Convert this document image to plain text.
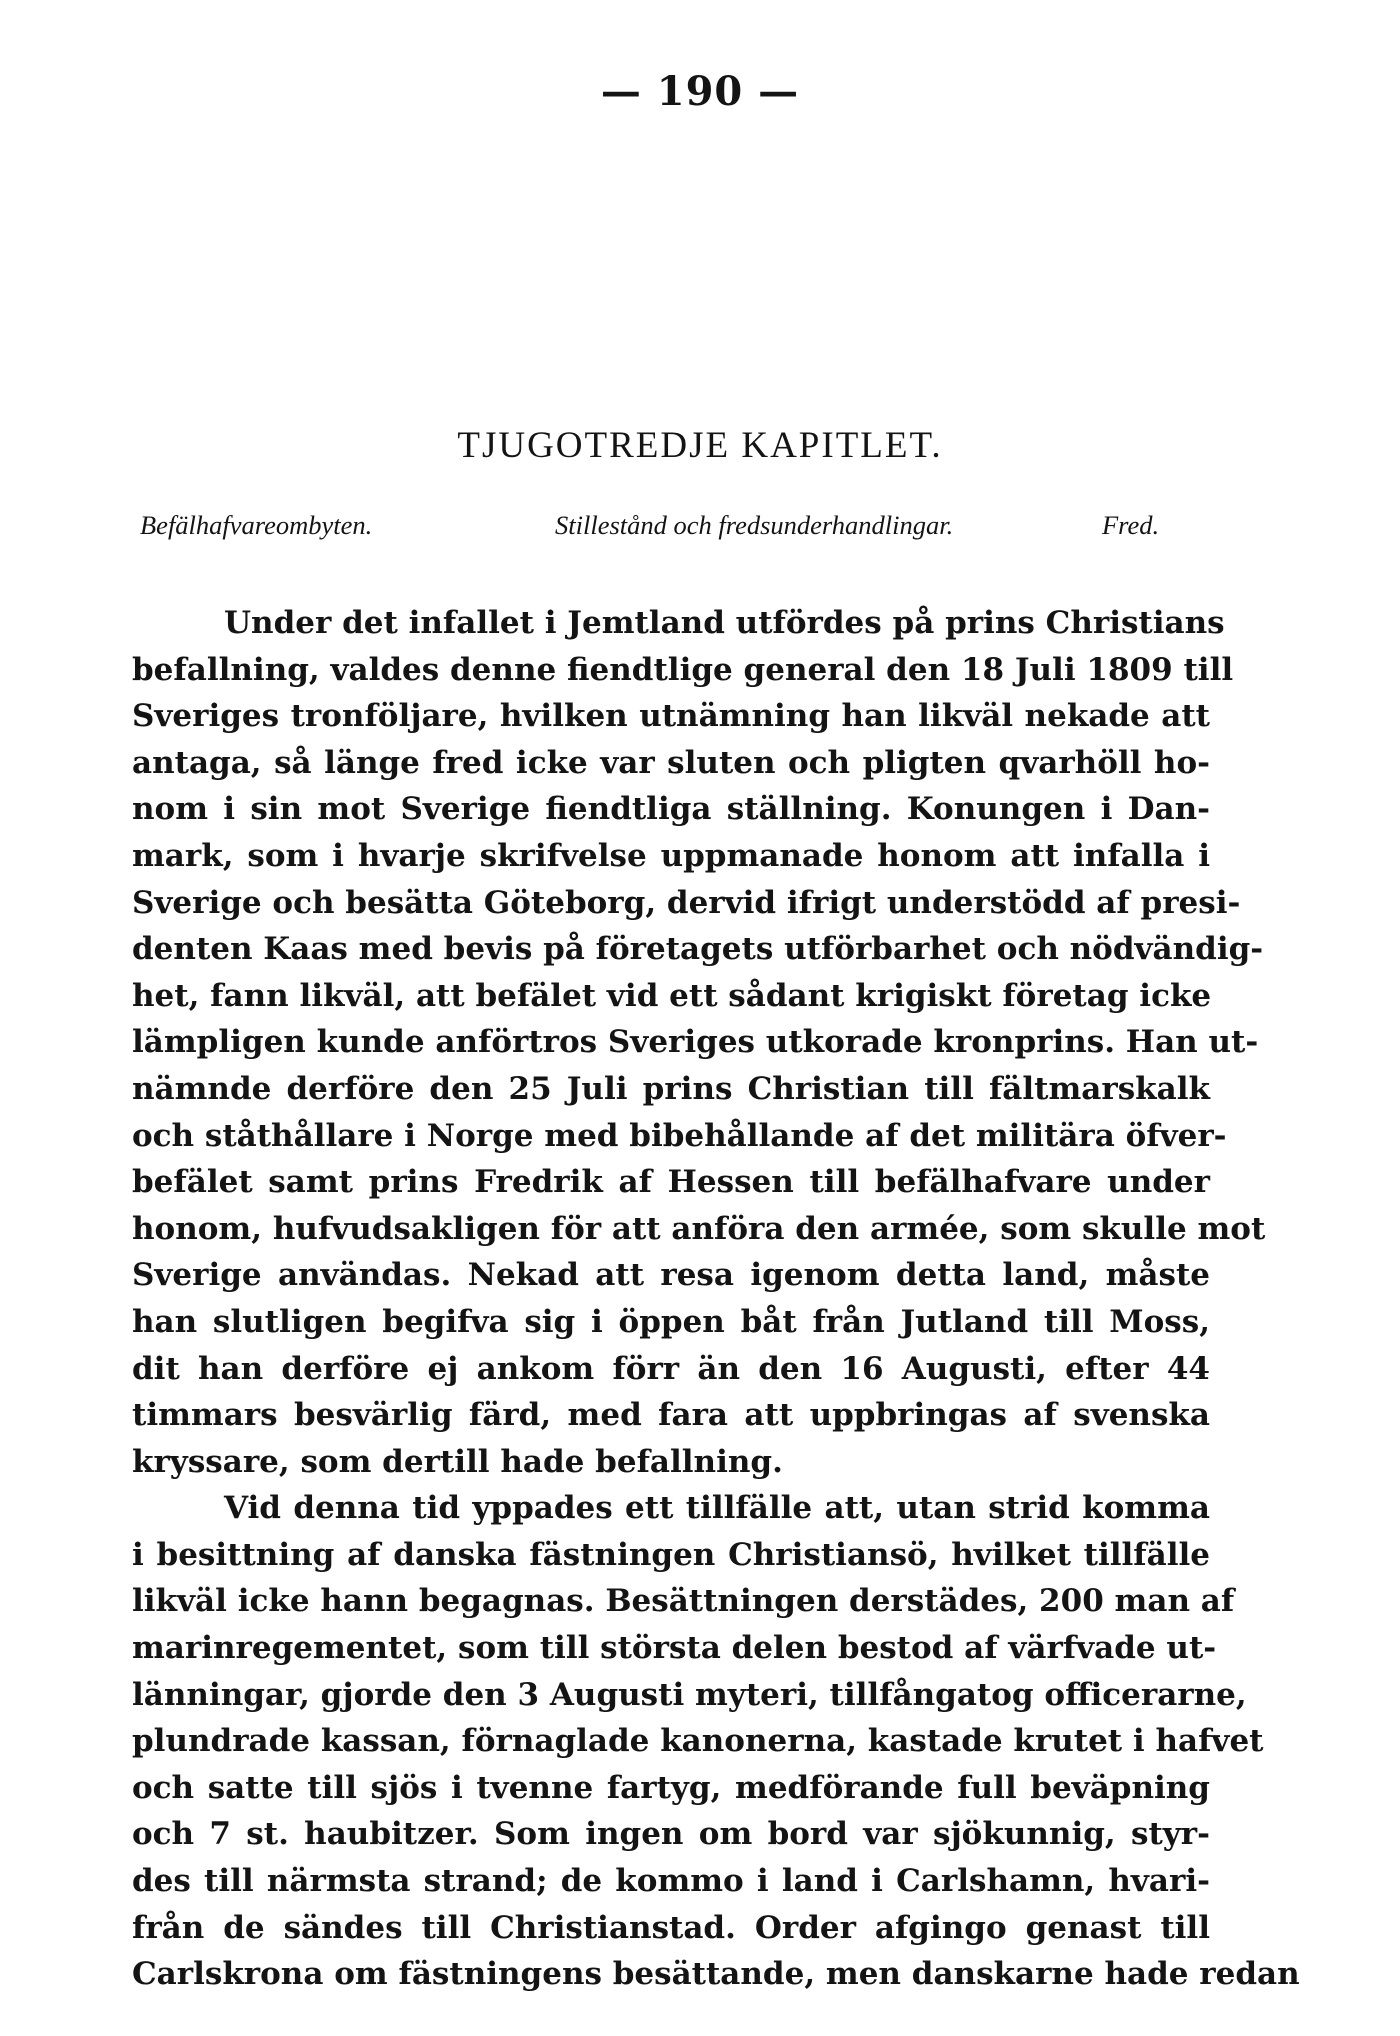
— 190 —
TJUGOTREDJE KAPITLET.
Befälhafvareombyten.	Stillestånd och fredsunderhandlingar.	Fred.
Under det infallet i Jemtland utfördes på prins Christians
befallning, valdes denne fiendtlige general den 18 Juli 1809 till
Sveriges tronföljare, hvilken utnämning han likväl nekade att
antaga, så länge fred icke var sluten och pligten qvarhöll ho-
nom i sin mot Sverige fiendtliga ställning. Konungen i Dan-
mark, som i hvarje skrifvelse uppmanade honom att infalla i
Sverige och besätta Göteborg, dervid ifrigt understödd af presi-
denten Kaas med bevis på företagets utförbarhet och nödvändig-
het, fann likväl, att befälet vid ett sådant krigiskt företag icke
lämpligen kunde anförtros Sveriges utkorade kronprins. Han ut-
nämnde derföre den 25 Juli prins Christian till fältmarskalk
och ståthållare i Norge med bibehållande af det militära öfver-
befälet samt prins Fredrik af Hessen till befälhafvare under
honom, hufvudsakligen för att anföra den armée, som skulle mot
Sverige användas. Nekad att resa igenom detta land, måste
han slutligen begifva sig i öppen båt från Jutland till Moss,
dit han derföre ej ankom förr än den 16 Augusti, efter 44
timmars besvärlig färd, med fara att uppbringas af svenska
kryssare, som dertill hade befallning.
Vid denna tid yppades ett tillfälle att, utan strid komma
i besittning af danska fästningen Christiansö, hvilket tillfälle
likväl icke hann begagnas. Besättningen derstädes, 200 man af
marinregementet, som till största delen bestod af värfvade ut-
länningar, gjorde den 3 Augusti myteri, tillfångatog officerarne,
plundrade kassan, förnaglade kanonerna, kastade krutet i hafvet
och satte till sjös i tvenne fartyg, medförande full beväpning
och 7 st. haubitzer. Som ingen om bord var sjökunnig, styr-
des till närmsta strand; de kommo i land i Carlshamn, hvari-
från de sändes till Christianstad. Order afgingo genast till
Carlskrona om fästningens besättande, men danskarne hade redan
